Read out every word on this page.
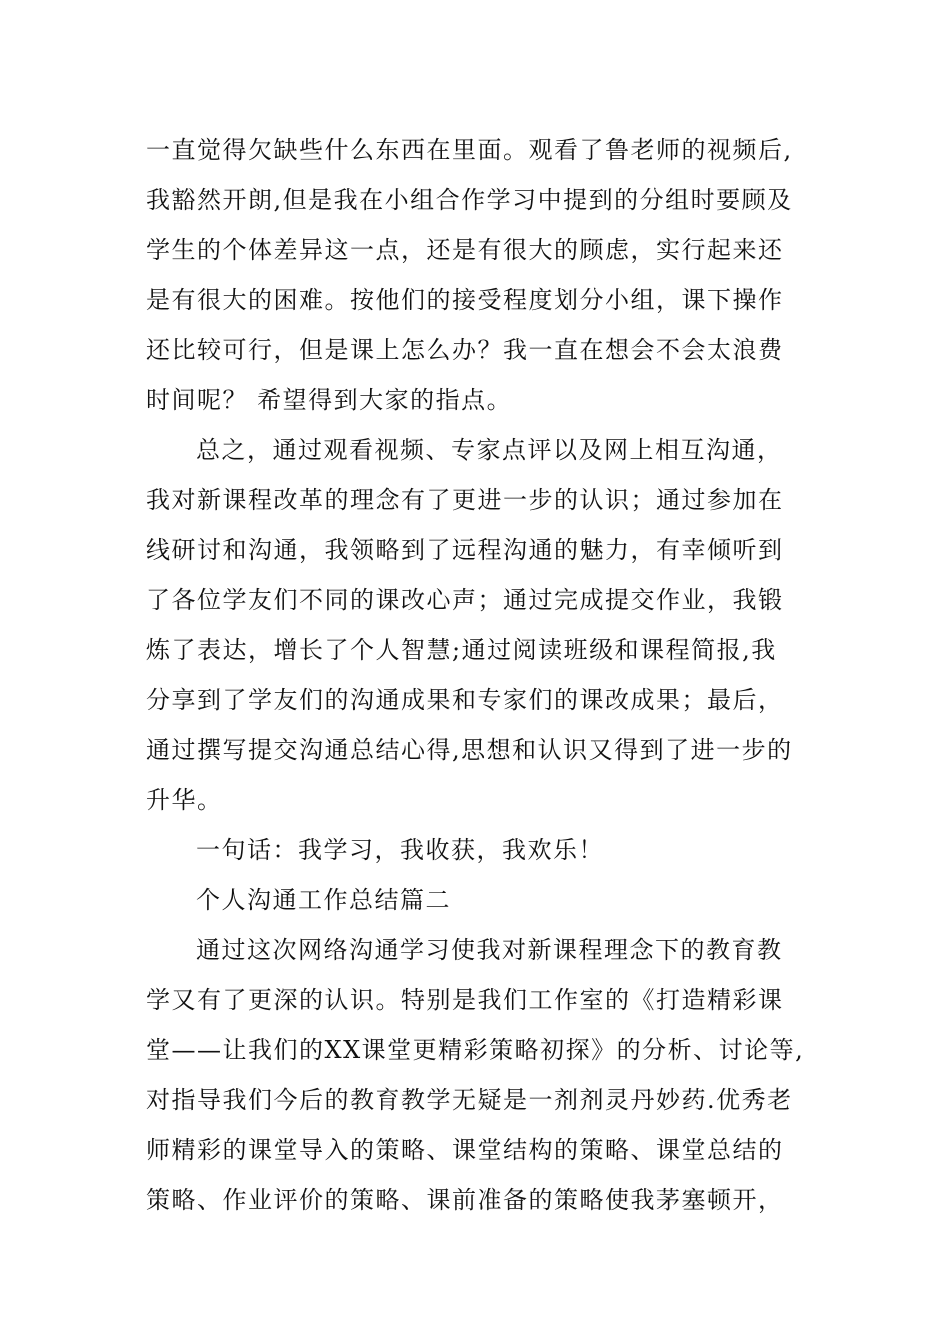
一直觉得欠缺些什么东西在里面。观看了鲁老师的视频后,

我豁然开朗,但是我在小组合作学习中提到的分组时要顾及

学生的个体差异这一点，还是有很大的顾虑，实行起来还

是有很大的困难。按他们的接受程度划分小组，课下操作

还比较可行，但是课上怎么办？我一直在想会不会太浪费

时间呢？ 希望得到大家的指点。

总之，通过观看视频、专家点评以及网上相互沟通，

我对新课程改革的理念有了更进一步的认识；通过参加在

线研讨和沟通，我领略到了远程沟通的魅力，有幸倾听到

了各位学友们不同的课改心声；通过完成提交作业，我锻

炼了表达，增长了个人智慧;通过阅读班级和课程简报,我

分享到了学友们的沟通成果和专家们的课改成果；最后，

通过撰写提交沟通总结心得,思想和认识又得到了进一步的

升华。

一句话：我学习，我收获，我欢乐！

个人沟通工作总结篇二

通过这次网络沟通学习使我对新课程理念下的教育教

学又有了更深的认识。特别是我们工作室的《打造精彩课

堂——让我们的XX课堂更精彩策略初探》的分析、讨论等,

对指导我们今后的教育教学无疑是一剂剂灵丹妙药.优秀老

师精彩的课堂导入的策略、课堂结构的策略、课堂总结的

策略、作业评价的策略、课前准备的策略使我茅塞顿开，
